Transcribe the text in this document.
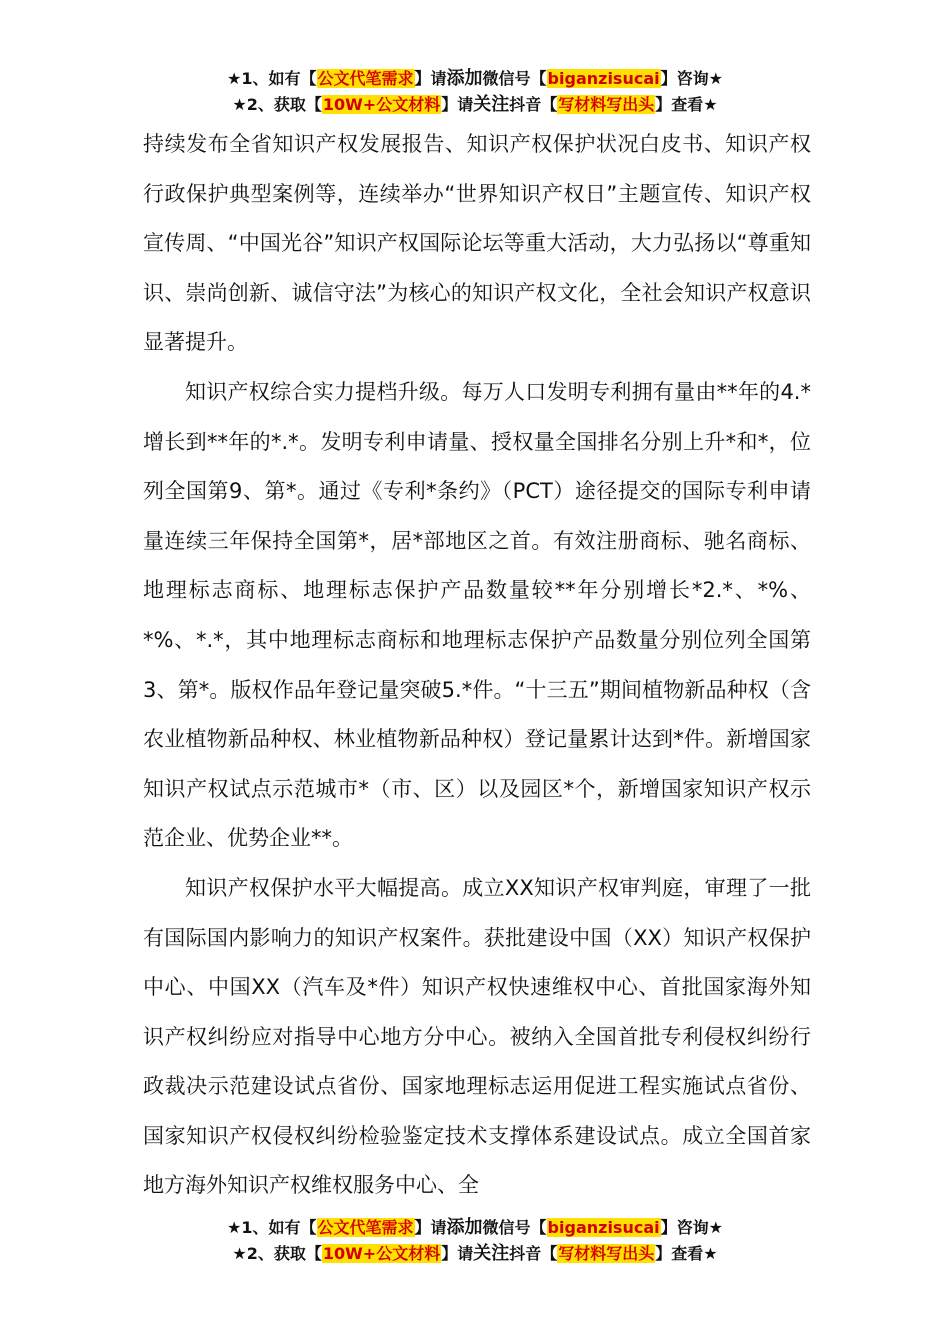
★1、如有【公文代笔需求】请添加微信号【biganzisucai】咨询★
★2、获取【10W+公文材料】请关注抖音【写材料写出头】查看★

持续发布全省知识产权发展报告、知识产权保护状况白皮书、知识产权行政保护典型案例等，连续举办“世界知识产权日”主题宣传、知识产权宣传周、“中国光谷”知识产权国际论坛等重大活动，大力弘扬以“尊重知识、崇尚创新、诚信守法”为核心的知识产权文化，全社会知识产权意识显著提升。

知识产权综合实力提档升级。每万人口发明专利拥有量由**年的4.*增长到**年的*.*。发明专利申请量、授权量全国排名分别上升*和*，位列全国第9、第*。通过《专利*条约》（PCT）途径提交的国际专利申请量连续三年保持全国第*，居*部地区之首。有效注册商标、驰名商标、地理标志商标、地理标志保护产品数量较**年分别增长*2.*、*%、*%、*.*，其中地理标志商标和地理标志保护产品数量分别位列全国第3、第*。版权作品年登记量突破5.*件。“十三五”期间植物新品种权（含农业植物新品种权、林业植物新品种权）登记量累计达到*件。新增国家知识产权试点示范城市*（市、区）以及园区*个，新增国家知识产权示范企业、优势企业**。

知识产权保护水平大幅提高。成立XX知识产权审判庭，审理了一批有国际国内影响力的知识产权案件。获批建设中国（XX）知识产权保护中心、中国XX（汽车及*件）知识产权快速维权中心、首批国家海外知识产权纠纷应对指导中心地方分中心。被纳入全国首批专利侵权纠纷行政裁决示范建设试点省份、国家地理标志运用促进工程实施试点省份、国家知识产权侵权纠纷检验鉴定技术支撑体系建设试点。成立全国首家地方海外知识产权维权服务中心、全

★1、如有【公文代笔需求】请添加微信号【biganzisucai】咨询★
★2、获取【10W+公文材料】请关注抖音【写材料写出头】查看★
